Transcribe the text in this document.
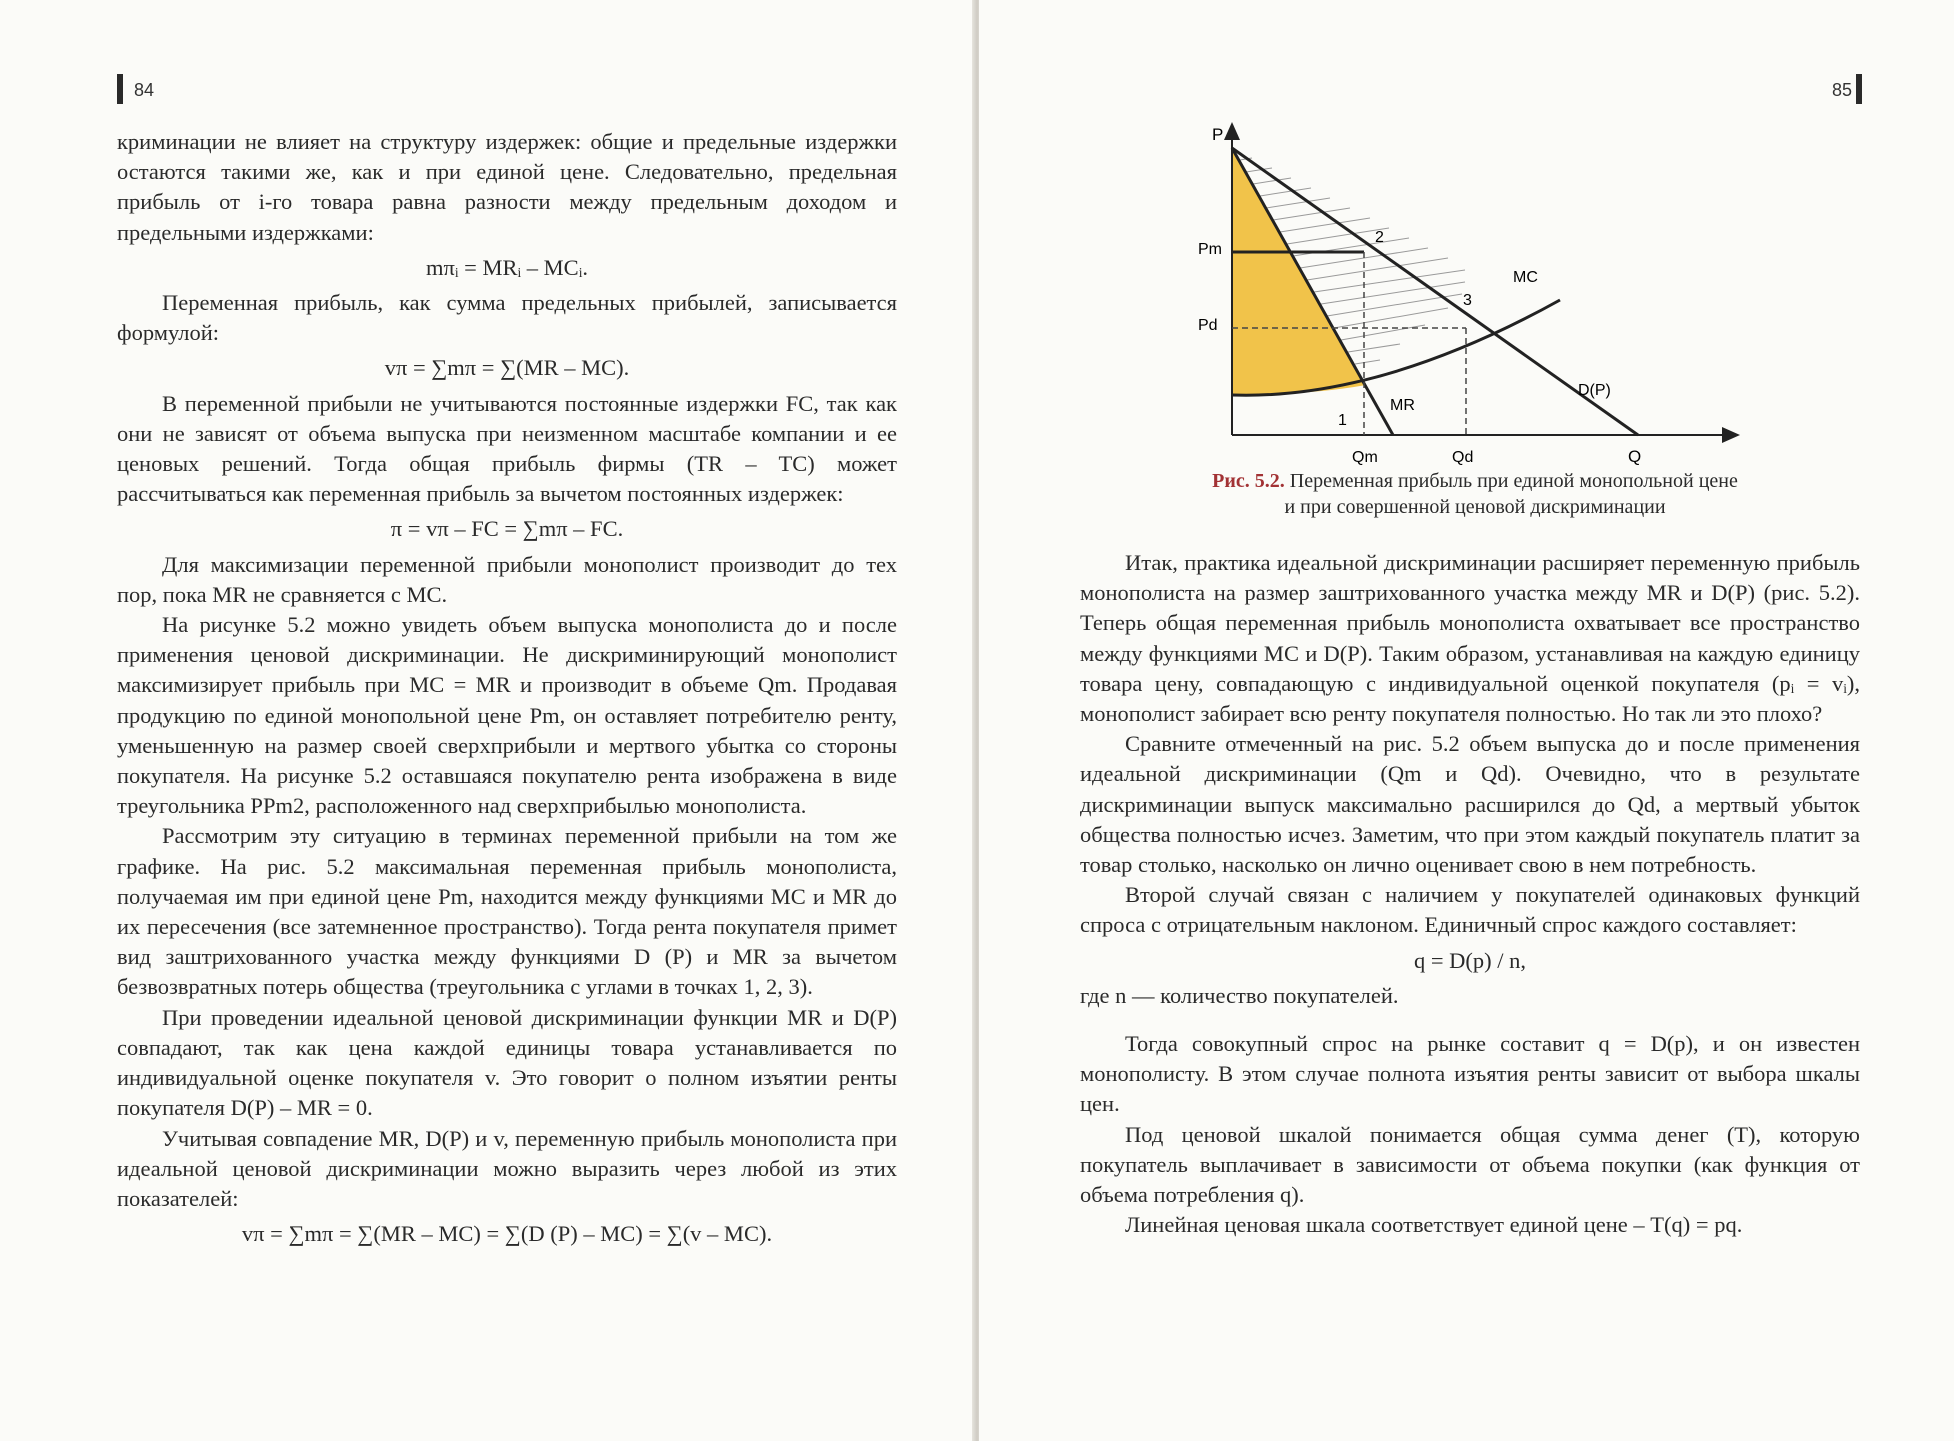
84

криминации не влияет на структуру издержек: общие и предельные издержки остаются такими же, как и при единой цене. Следовательно, предельная прибыль от i-го товара равна разности между предельным доходом и предельными издержками:

mπᵢ = MRᵢ – MCᵢ.

Переменная прибыль, как сумма предельных прибылей, записывается формулой:

vπ = ∑mπ = ∑(MR – MC).

В переменной прибыли не учитываются постоянные издержки FC, так как они не зависят от объема выпуска при неизменном масштабе компании и ее ценовых решений. Тогда общая прибыль фирмы (TR – TC) может рассчитываться как переменная прибыль за вычетом постоянных издержек:

π = vπ – FC = ∑mπ – FC.

Для максимизации переменной прибыли монополист производит до тех пор, пока MR не сравняется с MC.

На рисунке 5.2 можно увидеть объем выпуска монополиста до и после применения ценовой дискриминации. Не дискриминирующий монополист максимизирует прибыль при MC = MR и производит в объеме Qm. Продавая продукцию по единой монопольной цене Pm, он оставляет потребителю ренту, уменьшенную на размер своей сверхприбыли и мертвого убытка со стороны покупателя. На рисунке 5.2 оставшаяся покупателю рента изображена в виде треугольника PPm2, расположенного над сверхприбылью монополиста.

Рассмотрим эту ситуацию в терминах переменной прибыли на том же графике. На рис. 5.2 максимальная переменная прибыль монополиста, получаемая им при единой цене Pm, находится между функциями MC и MR до их пересечения (все затемненное пространство). Тогда рента покупателя примет вид заштрихованного участка между функциями D (P) и MR за вычетом безвозвратных потерь общества (треугольника с углами в точках 1, 2, 3).

При проведении идеальной ценовой дискриминации функции MR и D(P) совпадают, так как цена каждой единицы товара устанавливается по индивидуальной оценке покупателя v. Это говорит о полном изъятии ренты покупателя D(P) – MR = 0.

Учитывая совпадение MR, D(P) и v, переменную прибыль монополиста при идеальной ценовой дискриминации можно выразить через любой из этих показателей:

vπ = ∑mπ = ∑(MR – MC) = ∑(D (P) – MC) = ∑(v – MC).

85
P
Q
Pm
Pd
Qm	Qd
MC
MR
D(P)
1
2
3
Рис. 5.2. Переменная прибыль при единой монопольной цене
и при совершенной ценовой дискриминации

Итак, практика идеальной дискриминации расширяет переменную прибыль монополиста на размер заштрихованного участка между MR и D(P) (рис. 5.2). Теперь общая переменная прибыль монополиста охватывает все пространство между функциями MC и D(P). Таким образом, устанавливая на каждую единицу товара цену, совпадающую с индивидуальной оценкой покупателя (pᵢ = vᵢ), монополист забирает всю ренту покупателя полностью. Но так ли это плохо?

Сравните отмеченный на рис. 5.2 объем выпуска до и после применения идеальной дискриминации (Qm и Qd). Очевидно, что в результате дискриминации выпуск максимально расширился до Qd, а мертвый убыток общества полностью исчез. Заметим, что при этом каждый покупатель платит за товар столько, насколько он лично оценивает свою в нем потребность.

Второй случай связан с наличием у покупателей одинаковых функций спроса с отрицательным наклоном. Единичный спрос каждого составляет:

q = D(p) / n,

где n — количество покупателей.

Тогда совокупный спрос на рынке составит q = D(p), и он известен монополисту. В этом случае полнота изъятия ренты зависит от выбора шкалы цен.

Под ценовой шкалой понимается общая сумма денег (T), которую покупатель выплачивает в зависимости от объема покупки (как функция от объема потребления q).

Линейная ценовая шкала соответствует единой цене – T(q) = pq.
